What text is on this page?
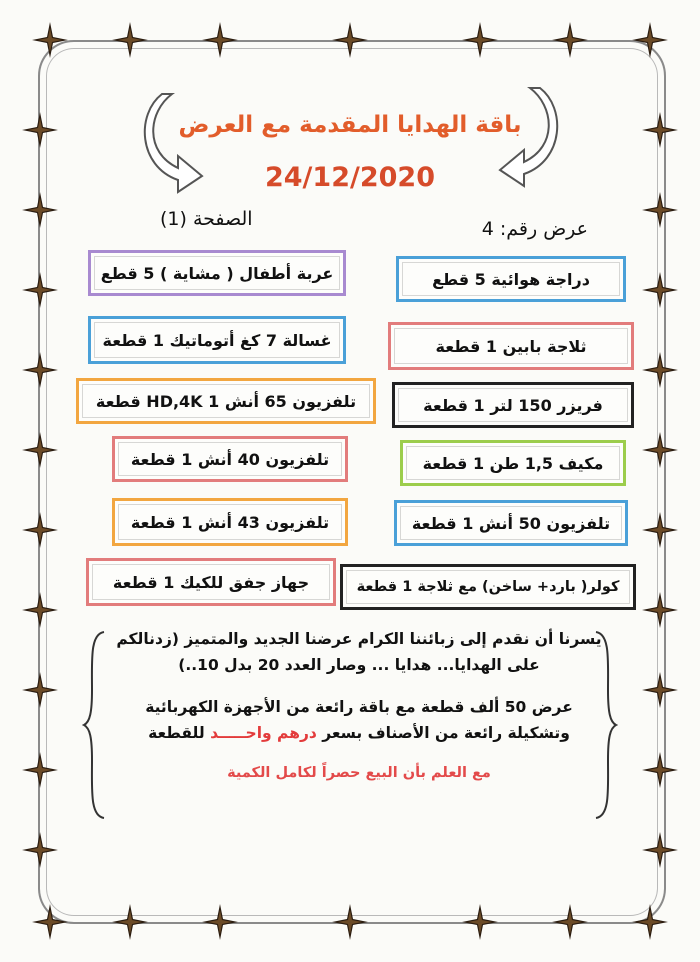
باقة الهدايا المقدمة مع العرض
24/12/2020
عرض رقم: 4
الصفحة (1)
عربة أطفال ( مشاية ) 5 قطع
غسالة 7 كغ أتوماتيك 1 قطعة
تلفزيون 65 أنش HD,4K 1 قطعة
تلفزيون 40 أنش 1 قطعة
تلفزيون 43 أنش 1 قطعة
جهاز جفق للكيك 1 قطعة
دراجة هوائية 5 قطع
ثلاجة بابين 1 قطعة
فريزر 150 لتر 1 قطعة
مكيف 1,5 طن 1 قطعة
تلفزيون 50 أنش 1 قطعة
كولر( بارد+ ساخن) مع ثلاجة 1 قطعة
يسرنا أن نقدم إلى زبائننا الكرام عرضنا الجديد والمتميز (زدنالكم
على الهدايا... هدايا ... وصار العدد 20 بدل 10..)
عرض 50 ألف قطعة مع باقة رائعة من الأجهزة الكهربائية
وتشكيلة رائعة من الأصناف بسعر درهم واحـــــد للقطعة
مع العلم بأن البيع حصراً لكامل الكمية
